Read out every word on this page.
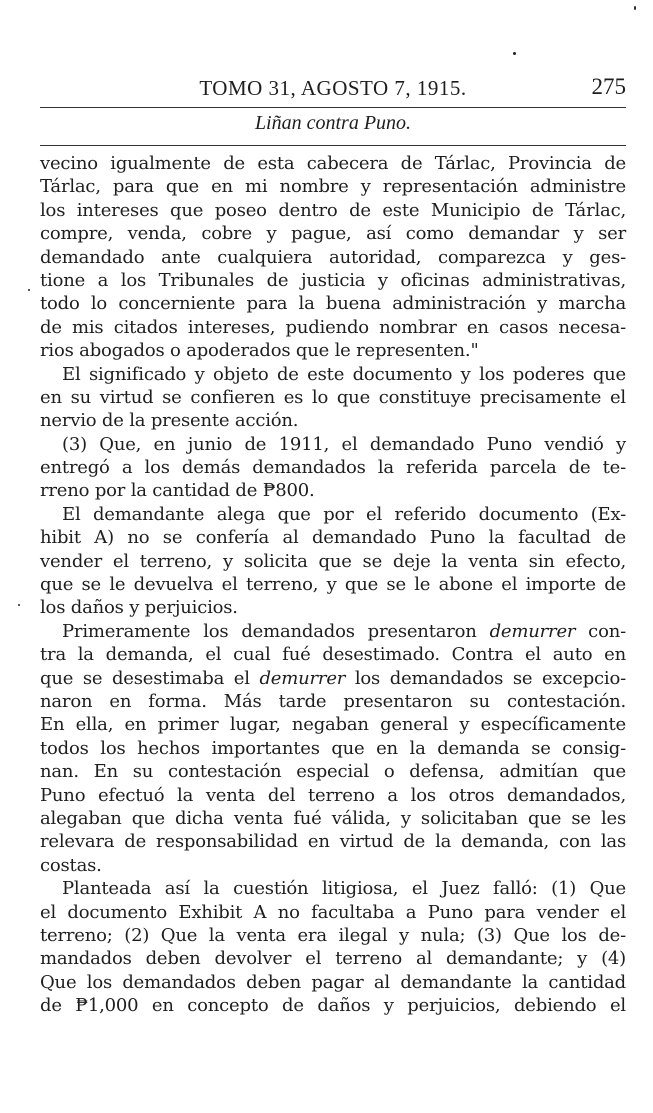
TOMO 31, AGOSTO 7, 1915.	275
Liñan contra Puno.
vecino igualmente de esta cabecera de Tárlac, Provincia de
Tárlac, para que en mi nombre y representación administre
los intereses que poseo dentro de este Municipio de Tárlac,
compre, venda, cobre y pague, así como demandar y ser
demandado ante cualquiera autoridad, comparezca y ges-
tione a los Tribunales de justicia y oficinas administrativas,
todo lo concerniente para la buena administración y marcha
de mis citados intereses, pudiendo nombrar en casos necesa-
rios abogados o apoderados que le representen."
El significado y objeto de este documento y los poderes que
en su virtud se confieren es lo que constituye precisamente el
nervio de la presente acción.
(3) Que, en junio de 1911, el demandado Puno vendió y
entregó a los demás demandados la referida parcela de te-
rreno por la cantidad de ₱800.
El demandante alega que por el referido documento (Ex-
hibit A) no se confería al demandado Puno la facultad de
vender el terreno, y solicita que se deje la venta sin efecto,
que se le devuelva el terreno, y que se le abone el importe de
los daños y perjuicios.
Primeramente los demandados presentaron demurrer con-
tra la demanda, el cual fué desestimado. Contra el auto en
que se desestimaba el demurrer los demandados se excepcio-
naron en forma. Más tarde presentaron su contestación.
En ella, en primer lugar, negaban general y específicamente
todos los hechos importantes que en la demanda se consig-
nan. En su contestación especial o defensa, admitían que
Puno efectuó la venta del terreno a los otros demandados,
alegaban que dicha venta fué válida, y solicitaban que se les
relevara de responsabilidad en virtud de la demanda, con las
costas.
Planteada así la cuestión litigiosa, el Juez falló: (1) Que
el documento Exhibit A no facultaba a Puno para vender el
terreno; (2) Que la venta era ilegal y nula; (3) Que los de-
mandados deben devolver el terreno al demandante; y (4)
Que los demandados deben pagar al demandante la cantidad
de ₱1,000 en concepto de daños y perjuicios, debiendo el
